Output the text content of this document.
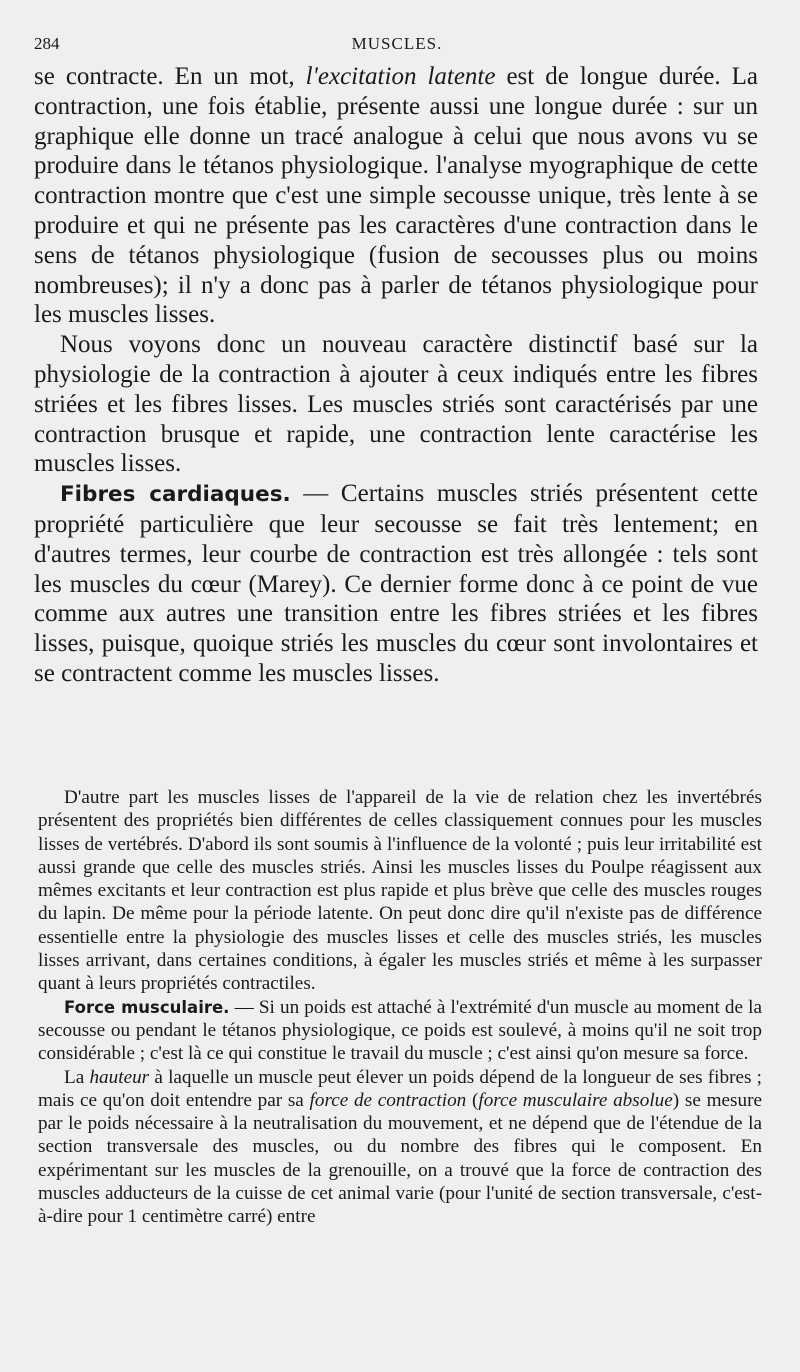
284	MUSCLES.

se contracte. En un mot, l'excitation latente est de longue durée. La contraction, une fois établie, présente aussi une longue durée : sur un graphique elle donne un tracé analogue à celui que nous avons vu se produire dans le tétanos physiologique. l'analyse myographique de cette contraction montre que c'est une simple secousse unique, très lente à se produire et qui ne présente pas les caractères d'une contraction dans le sens de tétanos physiologique (fusion de secousses plus ou moins nombreuses); il n'y a donc pas à parler de tétanos physiologique pour les muscles lisses.

Nous voyons donc un nouveau caractère distinctif basé sur la physiologie de la contraction à ajouter à ceux indiqués entre les fibres striées et les fibres lisses. Les muscles striés sont caractérisés par une contraction brusque et rapide, une contraction lente caractérise les muscles lisses.

Fibres cardiaques. — Certains muscles striés présentent cette propriété particulière que leur secousse se fait très lentement; en d'autres termes, leur courbe de contraction est très allongée : tels sont les muscles du cœur (Marey). Ce dernier forme donc à ce point de vue comme aux autres une transition entre les fibres striées et les fibres lisses, puisque, quoique striés les muscles du cœur sont involontaires et se contractent comme les muscles lisses.

D'autre part les muscles lisses de l'appareil de la vie de relation chez les invertébrés présentent des propriétés bien différentes de celles classiquement connues pour les muscles lisses de vertébrés. D'abord ils sont soumis à l'influence de la volonté ; puis leur irritabilité est aussi grande que celle des muscles striés. Ainsi les muscles lisses du Poulpe réagissent aux mêmes excitants et leur contraction est plus rapide et plus brève que celle des muscles rouges du lapin. De même pour la période latente. On peut donc dire qu'il n'existe pas de différence essentielle entre la physiologie des muscles lisses et celle des muscles striés, les muscles lisses arrivant, dans certaines conditions, à égaler les muscles striés et même à les surpasser quant à leurs propriétés contractiles.

Force musculaire. — Si un poids est attaché à l'extrémité d'un muscle au moment de la secousse ou pendant le tétanos physiologique, ce poids est soulevé, à moins qu'il ne soit trop considérable ; c'est là ce qui constitue le travail du muscle ; c'est ainsi qu'on mesure sa force.

La hauteur à laquelle un muscle peut élever un poids dépend de la longueur de ses fibres ; mais ce qu'on doit entendre par sa force de contraction (force musculaire absolue) se mesure par le poids nécessaire à la neutralisation du mouvement, et ne dépend que de l'étendue de la section transversale des muscles, ou du nombre des fibres qui le composent. En expérimentant sur les muscles de la grenouille, on a trouvé que la force de contraction des muscles adducteurs de la cuisse de cet animal varie (pour l'unité de section transversale, c'est-à-dire pour 1 centimètre carré) entre
